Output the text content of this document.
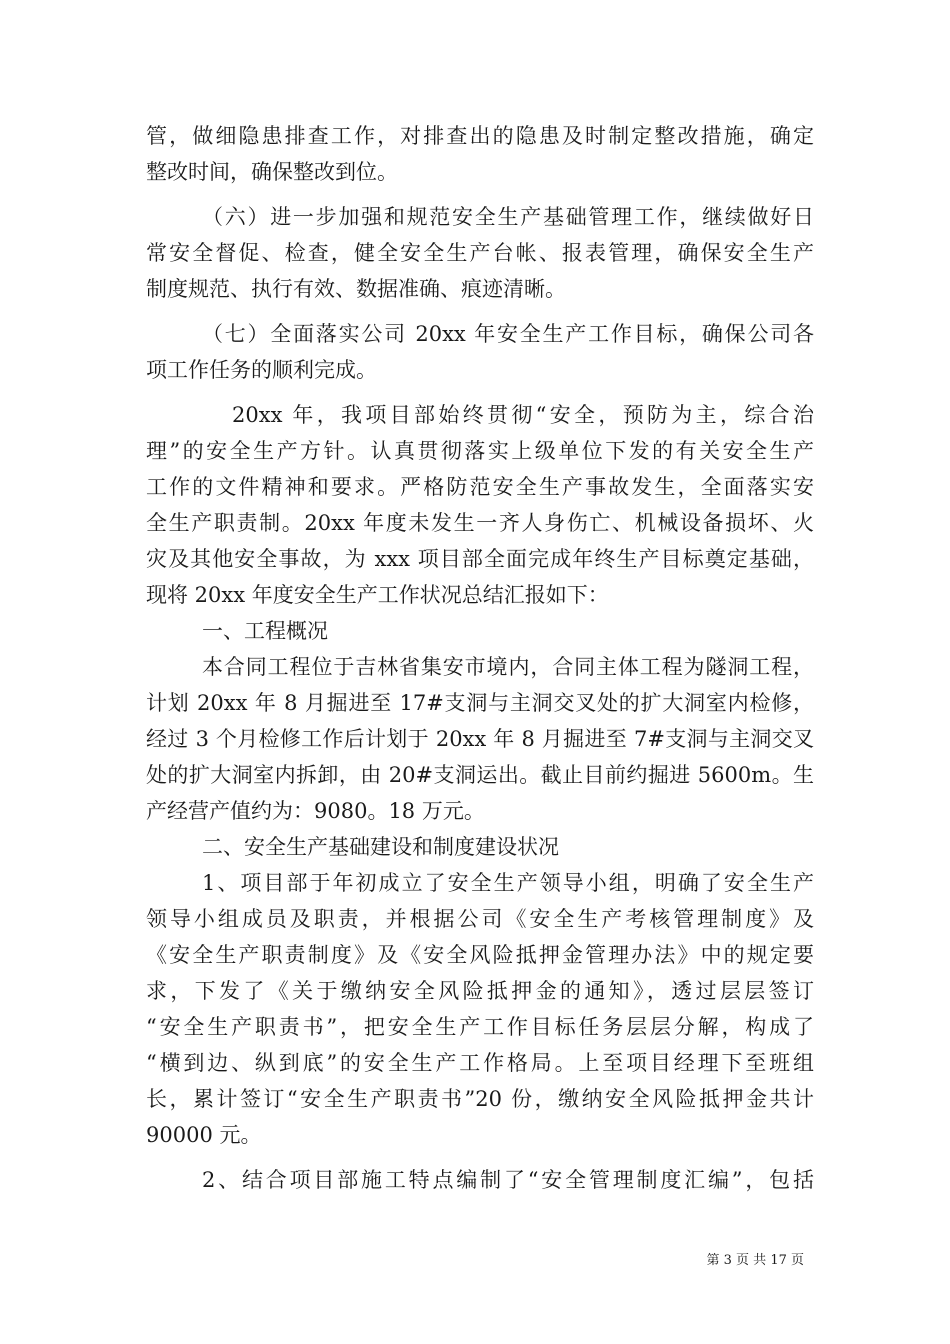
管，做细隐患排查工作，对排查出的隐患及时制定整改措施，确定
整改时间，确保整改到位。
（六）进一步加强和规范安全生产基础管理工作，继续做好日
常安全督促、检查，健全安全生产台帐、报表管理，确保安全生产
制度规范、执行有效、数据准确、痕迹清晰。
（七）全面落实公司 20xx 年安全生产工作目标，确保公司各
项工作任务的顺利完成。
20xx 年，我项目部始终贯彻“安全，预防为主，综合治
理”的安全生产方针。认真贯彻落实上级单位下发的有关安全生产
工作的文件精神和要求。严格防范安全生产事故发生，全面落实安
全生产职责制。20xx 年度未发生一齐人身伤亡、机械设备损坏、火
灾及其他安全事故，为 xxx 项目部全面完成年终生产目标奠定基础，
现将 20xx 年度安全生产工作状况总结汇报如下：
一、工程概况
本合同工程位于吉林省集安市境内，合同主体工程为隧洞工程，
计划 20xx 年 8 月掘进至 17#支洞与主洞交叉处的扩大洞室内检修，
经过 3 个月检修工作后计划于 20xx 年 8 月掘进至 7#支洞与主洞交叉
处的扩大洞室内拆卸，由 20#支洞运出。截止目前约掘进 5600m。生
产经营产值约为：9080。18 万元。
二、安全生产基础建设和制度建设状况
1、项目部于年初成立了安全生产领导小组，明确了安全生产
领导小组成员及职责，并根据公司《安全生产考核管理制度》及
《安全生产职责制度》及《安全风险抵押金管理办法》中的规定要
求，下发了《关于缴纳安全风险抵押金的通知》，透过层层签订
“安全生产职责书”，把安全生产工作目标任务层层分解，构成了
“横到边、纵到底”的安全生产工作格局。上至项目经理下至班组
长，累计签订“安全生产职责书”20 份，缴纳安全风险抵押金共计
90000 元。
2、结合项目部施工特点编制了“安全管理制度汇编”，包括
第 3 页 共 17 页
